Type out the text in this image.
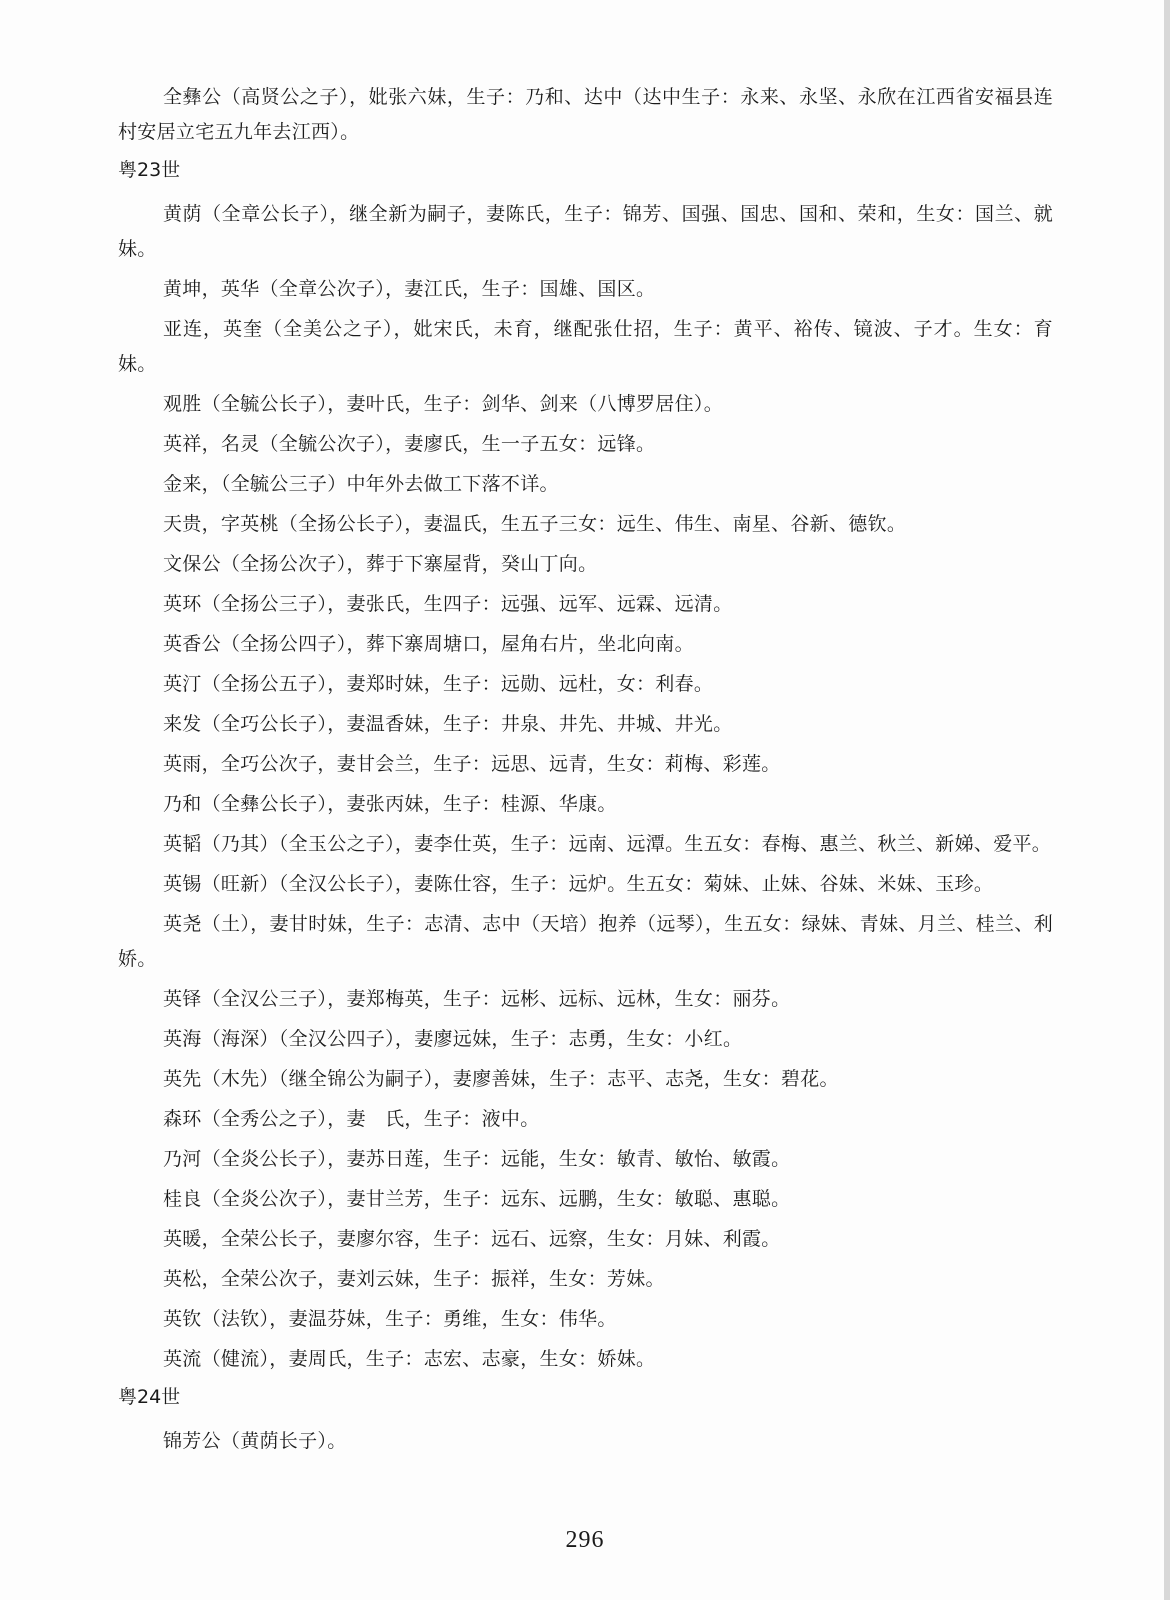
全彝公（高贤公之子），妣张六妹，生子：乃和、达中（达中生子：永来、永坚、永欣在江西省安福县连村安居立宅五九年去江西）。

粤23世

黄荫（全章公长子），继全新为嗣子，妻陈氏，生子：锦芳、国强、国忠、国和、荣和，生女：国兰、就妹。

黄坤，英华（全章公次子），妻江氏，生子：国雄、国区。

亚连，英奎（全美公之子），妣宋氏，未育，继配张仕招，生子：黄平、裕传、镜波、子才。生女：育妹。

观胜（全毓公长子），妻叶氏，生子：剑华、剑来（八博罗居住）。

英祥，名灵（全毓公次子），妻廖氏，生一子五女：远锋。

金来，（全毓公三子）中年外去做工下落不详。

天贵，字英桃（全扬公长子），妻温氏，生五子三女：远生、伟生、南星、谷新、德钦。

文保公（全扬公次子），葬于下寨屋背，癸山丁向。

英环（全扬公三子），妻张氏，生四子：远强、远军、远霖、远清。

英香公（全扬公四子），葬下寨周塘口，屋角右片，坐北向南。

英汀（全扬公五子），妻郑时妹，生子：远勋、远杜，女：利春。

来发（全巧公长子），妻温香妹，生子：井泉、井先、井城、井光。

英雨，全巧公次子，妻甘会兰，生子：远思、远青，生女：莉梅、彩莲。

乃和（全彝公长子），妻张丙妹，生子：桂源、华康。

英韬（乃其）（全玉公之子），妻李仕英，生子：远南、远潭。生五女：春梅、惠兰、秋兰、新娣、爱平。

英锡（旺新）（全汉公长子），妻陈仕容，生子：远炉。生五女：菊妹、止妹、谷妹、米妹、玉珍。

英尧（土），妻甘时妹，生子：志清、志中（天培）抱养（远琴），生五女：绿妹、青妹、月兰、桂兰、利娇。

英铎（全汉公三子），妻郑梅英，生子：远彬、远标、远林，生女：丽芬。

英海（海深）（全汉公四子），妻廖远妹，生子：志勇，生女：小红。

英先（木先）（继全锦公为嗣子），妻廖善妹，生子：志平、志尧，生女：碧花。

森环（全秀公之子），妻　氏，生子：液中。

乃河（全炎公长子），妻苏日莲，生子：远能，生女：敏青、敏怡、敏霞。

桂良（全炎公次子），妻甘兰芳，生子：远东、远鹏，生女：敏聪、惠聪。

英暖，全荣公长子，妻廖尔容，生子：远石、远察，生女：月妹、利霞。

英松，全荣公次子，妻刘云妹，生子：振祥，生女：芳妹。

英钦（法钦），妻温芬妹，生子：勇维，生女：伟华。

英流（健流），妻周氏，生子：志宏、志豪，生女：娇妹。

粤24世

锦芳公（黄荫长子）。

296
